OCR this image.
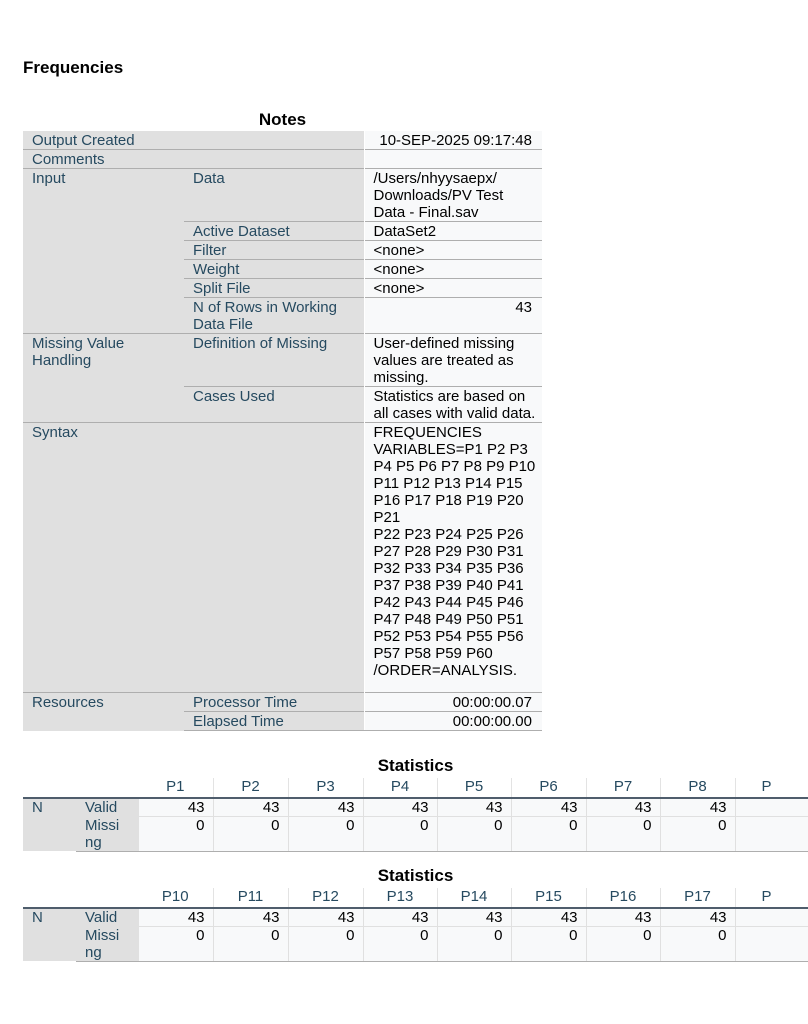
Frequencies
Notes
Output Created		10-SEP-2025 09:17:48
Comments		
Input	Data	/Users/nhyysaepx/ Downloads/PV Test Data - Final.sav
	Active Dataset	DataSet2
	Filter	<none>
	Weight	<none>
	Split File	<none>
	N of Rows in Working Data File	43
Missing Value Handling	Definition of Missing	User-defined missing values are treated as missing.
	Cases Used	Statistics are based on all cases with valid data.
Syntax		FREQUENCIES VARIABLES=P1 P2 P3 P4 P5 P6 P7 P8 P9 P10 P11 P12 P13 P14 P15 P16 P17 P18 P19 P20 P21
P22 P23 P24 P25 P26 P27 P28 P29 P30 P31 P32 P33 P34 P35 P36 P37 P38 P39 P40 P41 P42 P43 P44 P45 P46 P47 P48 P49 P50 P51 P52 P53 P54 P55 P56 P57 P58 P59 P60
/ORDER=ANALYSIS.

Resources	Processor Time	00:00:00.07
	Elapsed Time	00:00:00.00
Statistics
		P1	P2	P3	P4	P5	P6	P7	P8	P
N	Valid	43	43	43	43	43	43	43	43	
	Missi ng	0	0	0	0	0	0	0	0	
Statistics
		P10	P11	P12	P13	P14	P15	P16	P17	P
N	Valid	43	43	43	43	43	43	43	43	
	Missi ng	0	0	0	0	0	0	0	0	
